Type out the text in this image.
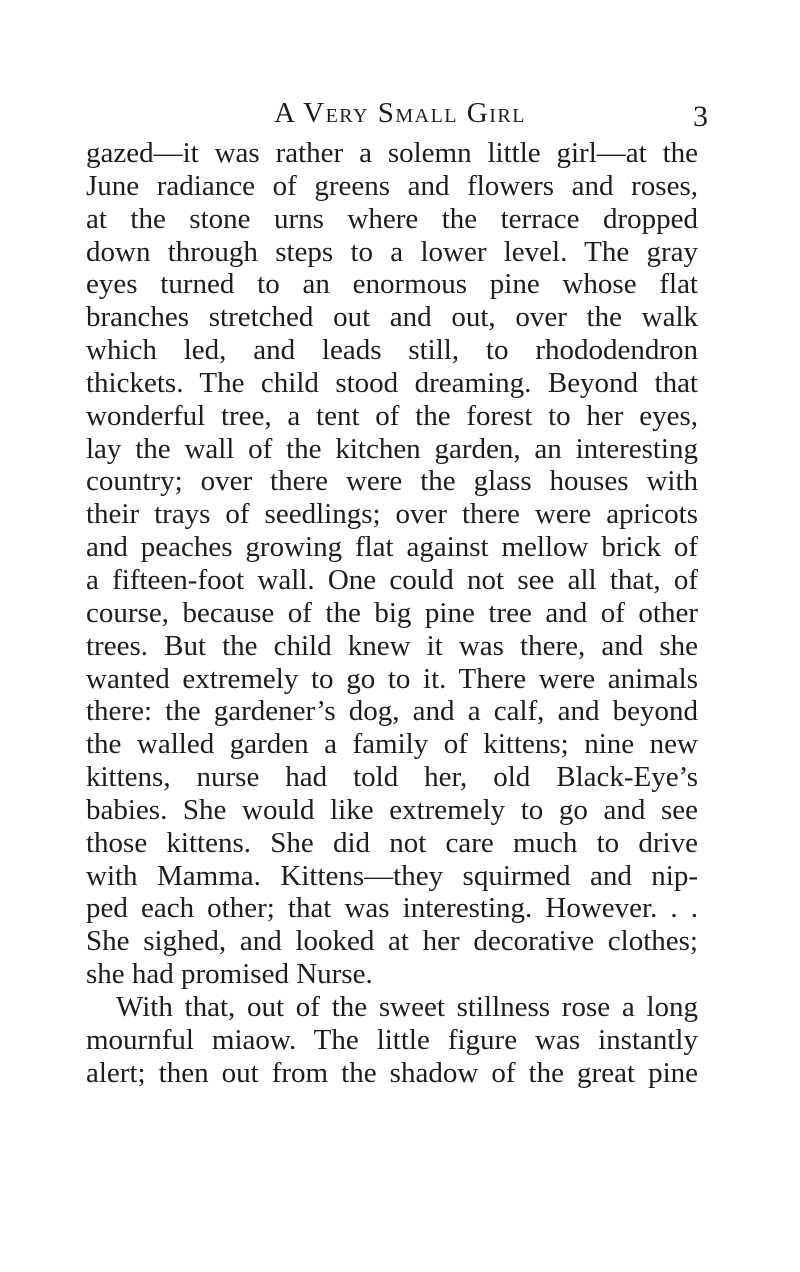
A Very Small Girl	3
gazed—it was rather a solemn little girl—at the
June radiance of greens and flowers and roses,
at the stone urns where the terrace dropped
down through steps to a lower level. The gray
eyes turned to an enormous pine whose flat
branches stretched out and out, over the walk
which led, and leads still, to rhododendron
thickets. The child stood dreaming. Beyond that
wonderful tree, a tent of the forest to her eyes,
lay the wall of the kitchen garden, an interesting
country; over there were the glass houses with
their trays of seedlings; over there were apricots
and peaches growing flat against mellow brick of
a fifteen-foot wall. One could not see all that, of
course, because of the big pine tree and of other
trees. But the child knew it was there, and she
wanted extremely to go to it. There were animals
there: the gardener’s dog, and a calf, and beyond
the walled garden a family of kittens; nine new
kittens, nurse had told her, old Black-Eye’s
babies. She would like extremely to go and see
those kittens. She did not care much to drive
with Mamma. Kittens—they squirmed and nip-
ped each other; that was interesting. However. . .
She sighed, and looked at her decorative clothes;
she had promised Nurse.
With that, out of the sweet stillness rose a long
mournful miaow. The little figure was instantly
alert; then out from the shadow of the great pine
